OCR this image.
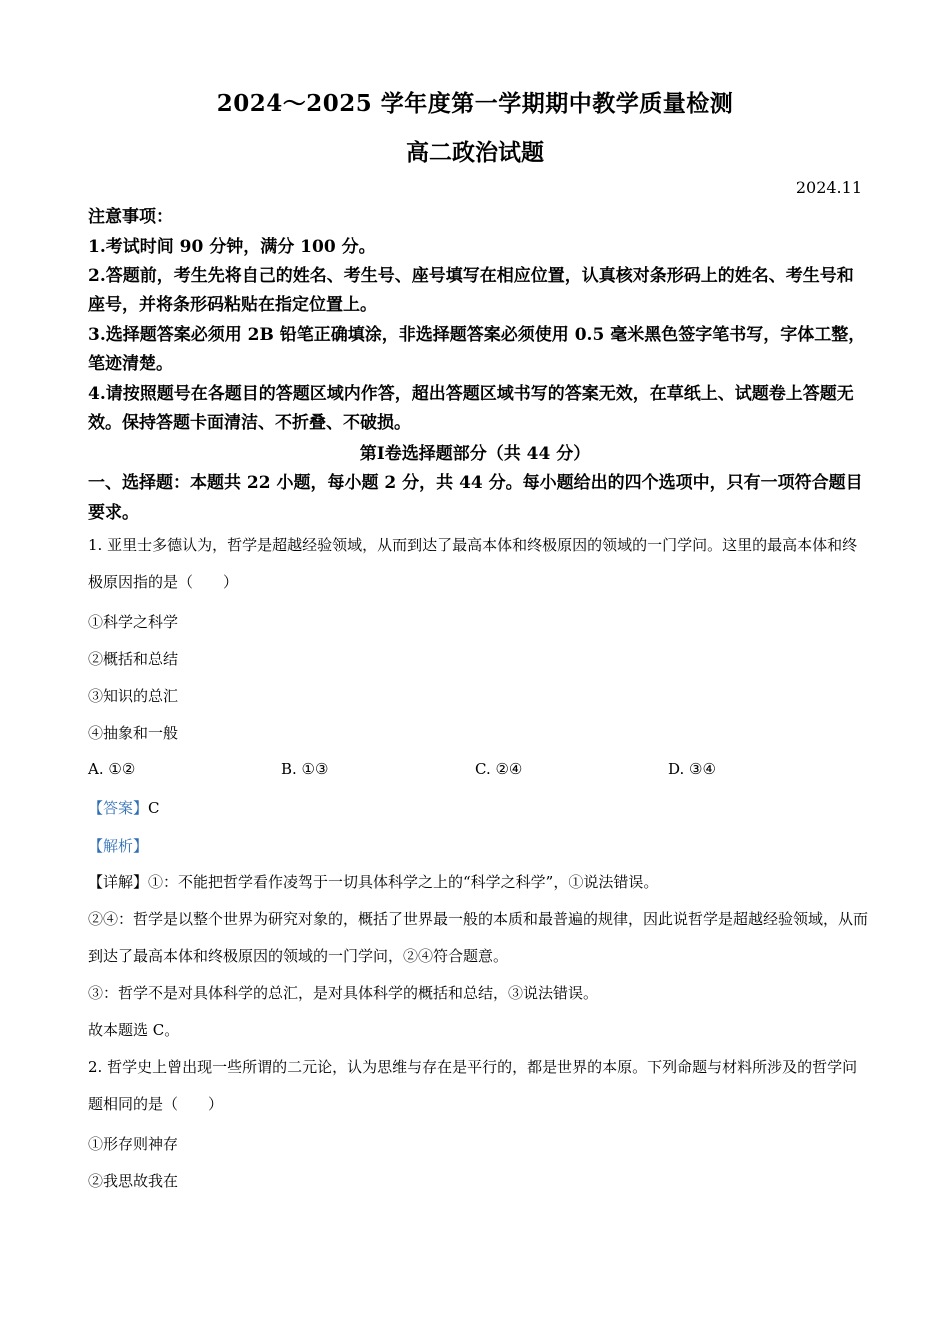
2024～2025 学年度第一学期期中教学质量检测
高二政治试题
2024.11
注意事项：
1.考试时间 90 分钟，满分 100 分。
2.答题前，考生先将自己的姓名、考生号、座号填写在相应位置，认真核对条形码上的姓名、考生号和座号，并将条形码粘贴在指定位置上。
3.选择题答案必须用 2B 铅笔正确填涂，非选择题答案必须使用 0.5 毫米黑色签字笔书写，字体工整，笔迹清楚。
4.请按照题号在各题目的答题区域内作答，超出答题区域书写的答案无效，在草纸上、试题卷上答题无效。保持答题卡面清洁、不折叠、不破损。
第Ⅰ卷选择题部分（共 44 分）
一、选择题：本题共 22 小题，每小题 2 分，共 44 分。每小题给出的四个选项中，只有一项符合题目要求。
1. 亚里士多德认为，哲学是超越经验领域，从而到达了最高本体和终极原因的领域的一门学问。这里的最高本体和终极原因指的是（　　）
①科学之科学
②概括和总结
③知识的总汇
④抽象和一般
A. ①②	B. ①③	C. ②④	D. ③④
【答案】C
【解析】
【详解】①：不能把哲学看作凌驾于一切具体科学之上的“科学之科学”，①说法错误。
②④：哲学是以整个世界为研究对象的，概括了世界最一般的本质和最普遍的规律，因此说哲学是超越经验领域，从而到达了最高本体和终极原因的领域的一门学问，②④符合题意。
③：哲学不是对具体科学的总汇，是对具体科学的概括和总结，③说法错误。
故本题选 C。
2. 哲学史上曾出现一些所谓的二元论，认为思维与存在是平行的，都是世界的本原。下列命题与材料所涉及的哲学问题相同的是（　　）
①形存则神存
②我思故我在
